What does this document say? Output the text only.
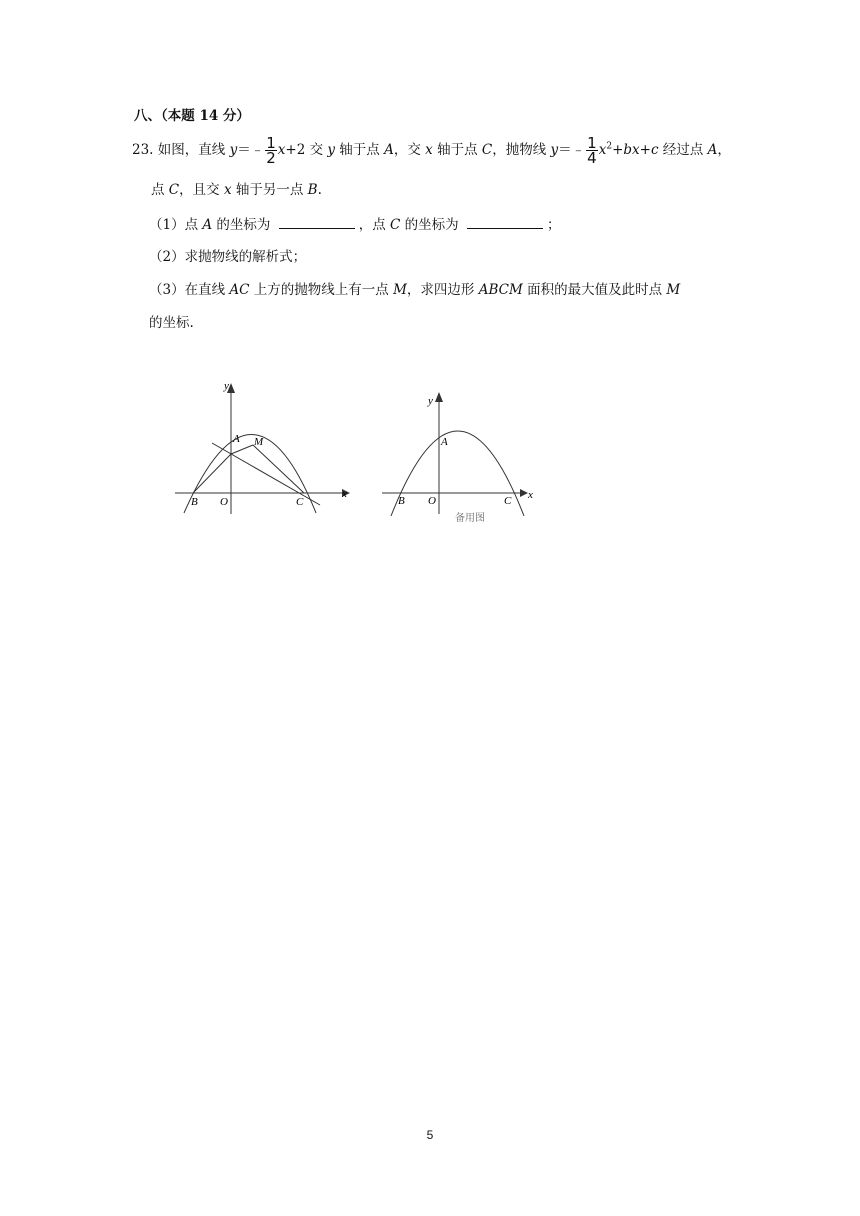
八、（本题 14 分）
23. 如图，直线 y＝﹣ $\frac{1}{2} x+2$ 交 y 轴于点 A，交 x 轴于点 C，抛物线 y＝﹣ $\frac{1}{4} x^2+bx+c$ 经过点 A，
点 C，且交 x 轴于另一点 B.
（1）点 A 的坐标为	，点 C 的坐标为	；
（2）求抛物线的解析式；
（3）在直线 AC 上方的抛物线上有一点 M，求四边形 ABCM 面积的最大值及此时点 M
的坐标.
y
x
A M
B O	C
y
x
A
B O	C
备用图
5
